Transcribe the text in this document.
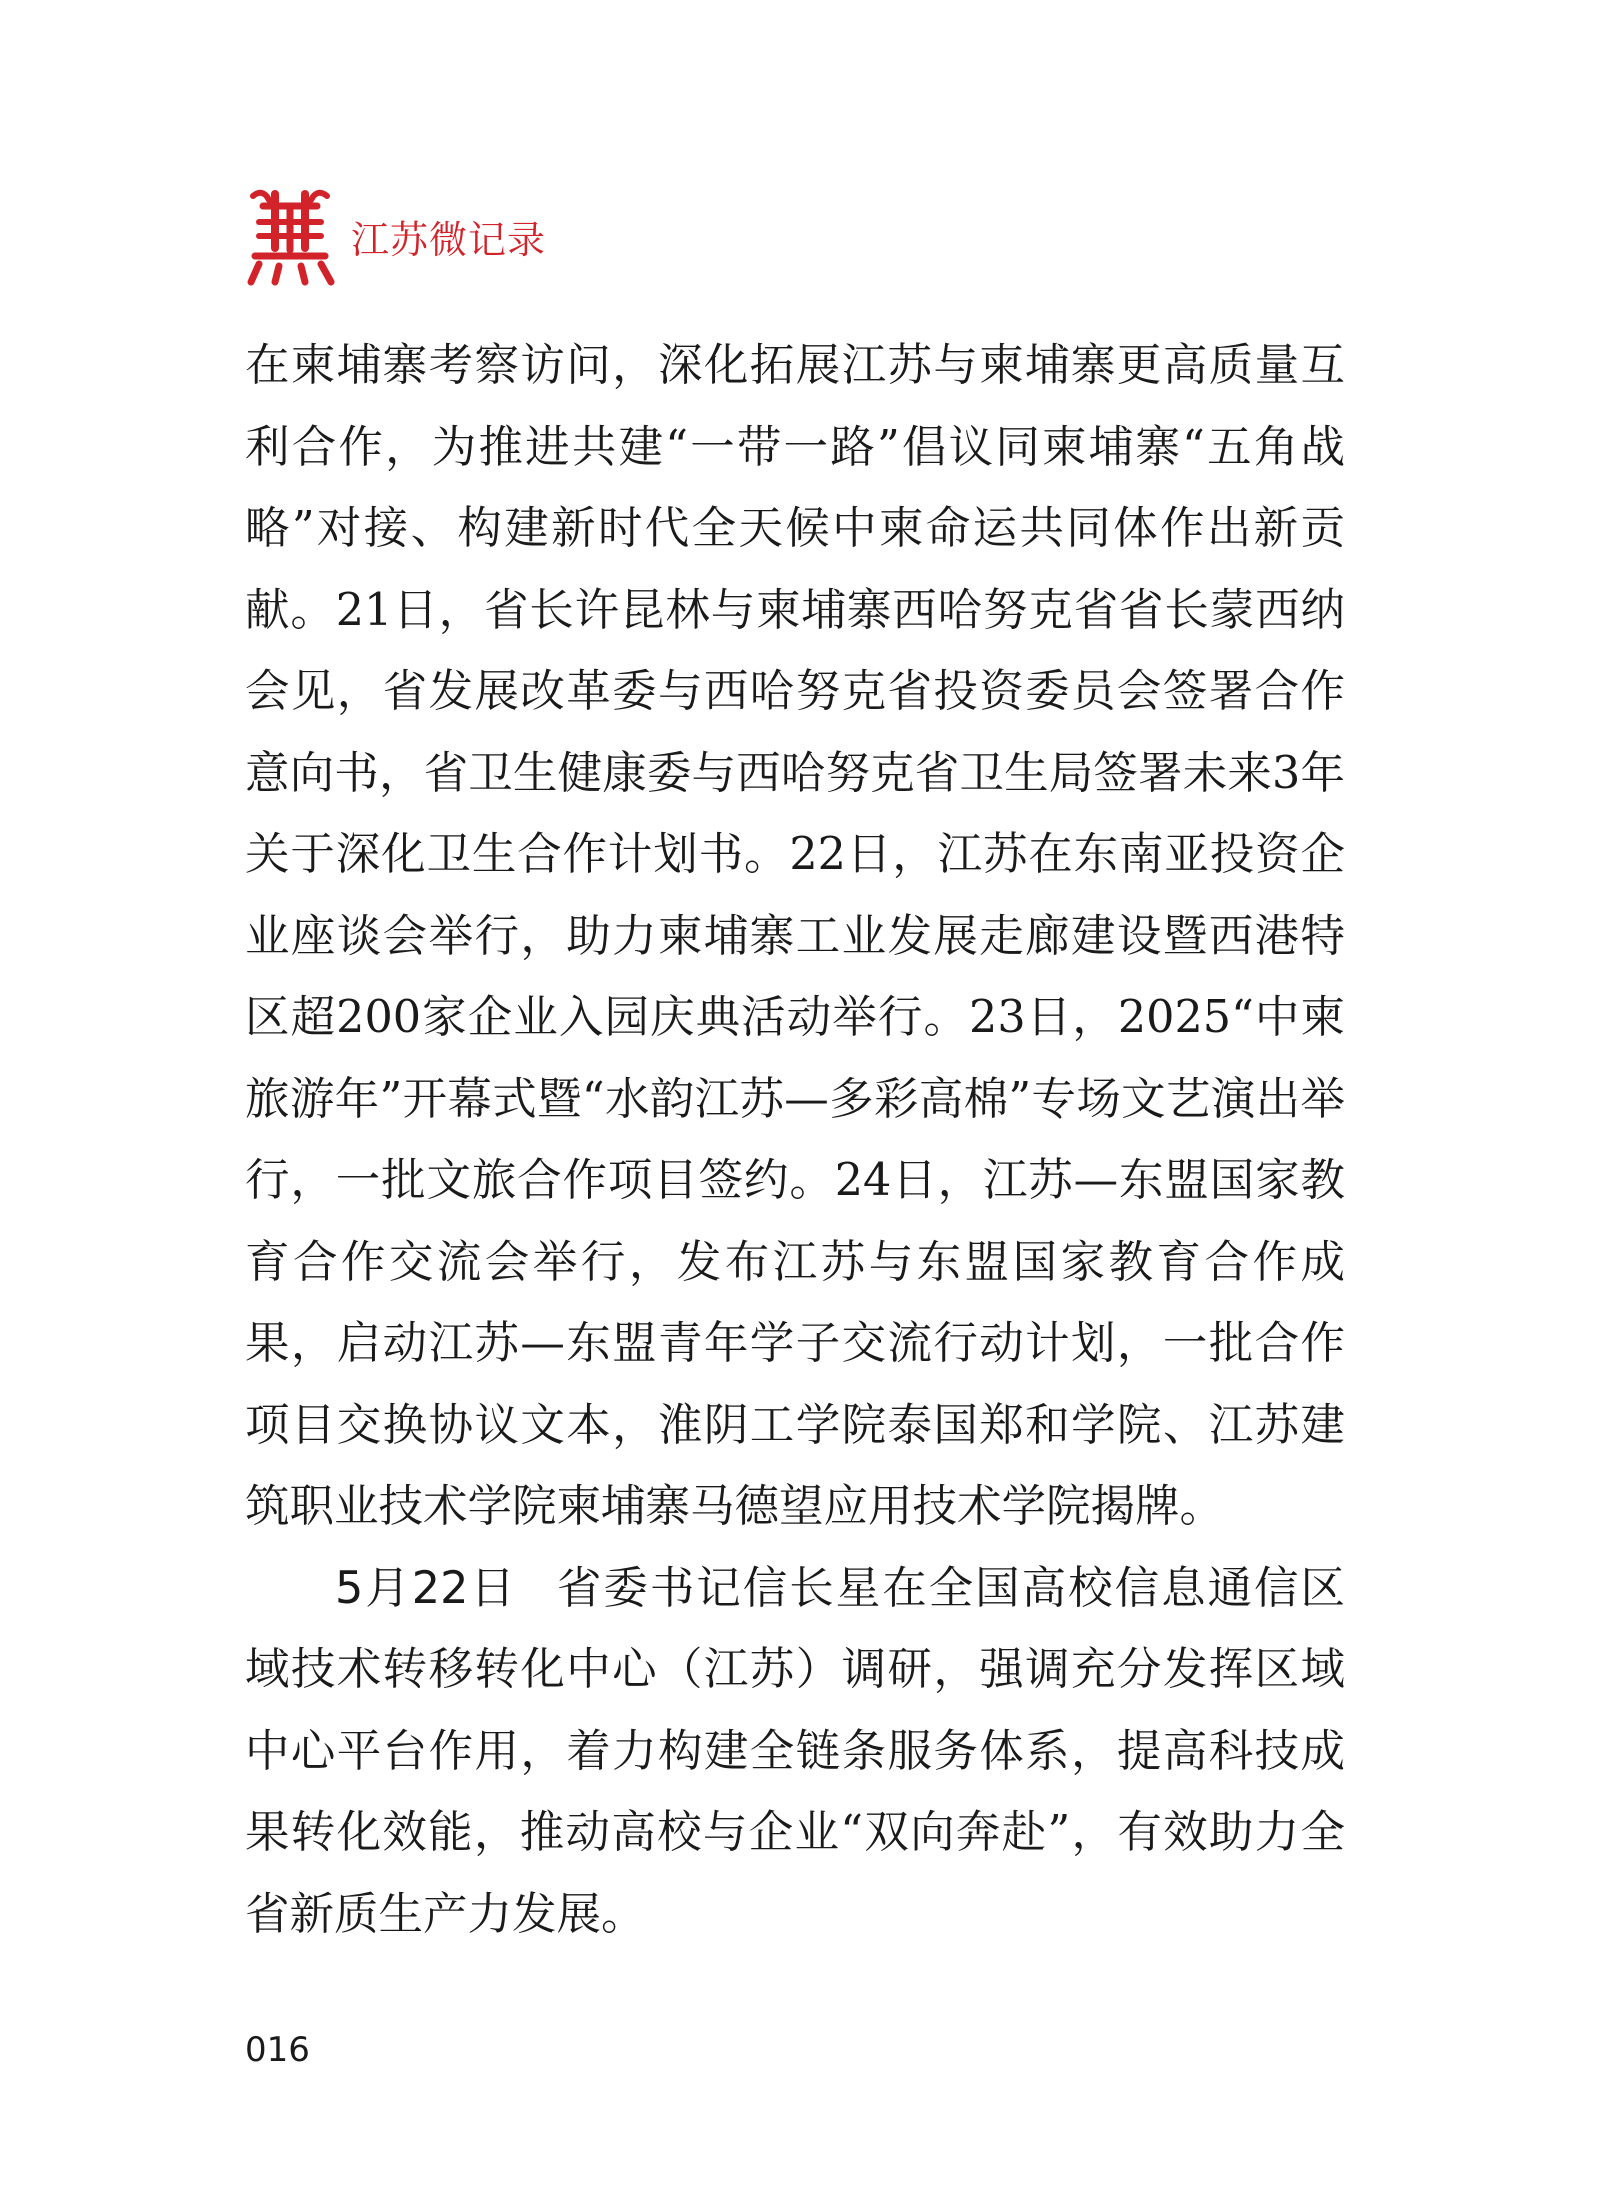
江苏微记录

在柬埔寨考察访问，深化拓展江苏与柬埔寨更高质量互利合作，为推进共建“一带一路”倡议同柬埔寨“五角战略”对接、构建新时代全天候中柬命运共同体作出新贡献。21日，省长许昆林与柬埔寨西哈努克省省长蒙西纳会见，省发展改革委与西哈努克省投资委员会签署合作意向书，省卫生健康委与西哈努克省卫生局签署未来3年关于深化卫生合作计划书。22日，江苏在东南亚投资企业座谈会举行，助力柬埔寨工业发展走廊建设暨西港特区超200家企业入园庆典活动举行。23日，2025“中柬旅游年”开幕式暨“水韵江苏—多彩高棉”专场文艺演出举行，一批文旅合作项目签约。24日，江苏—东盟国家教育合作交流会举行，发布江苏与东盟国家教育合作成果，启动江苏—东盟青年学子交流行动计划，一批合作项目交换协议文本，淮阴工学院泰国郑和学院、江苏建筑职业技术学院柬埔寨马德望应用技术学院揭牌。

5月22日 省委书记信长星在全国高校信息通信区域技术转移转化中心（江苏）调研，强调充分发挥区域中心平台作用，着力构建全链条服务体系，提高科技成果转化效能，推动高校与企业“双向奔赴”，有效助力全省新质生产力发展。

016
